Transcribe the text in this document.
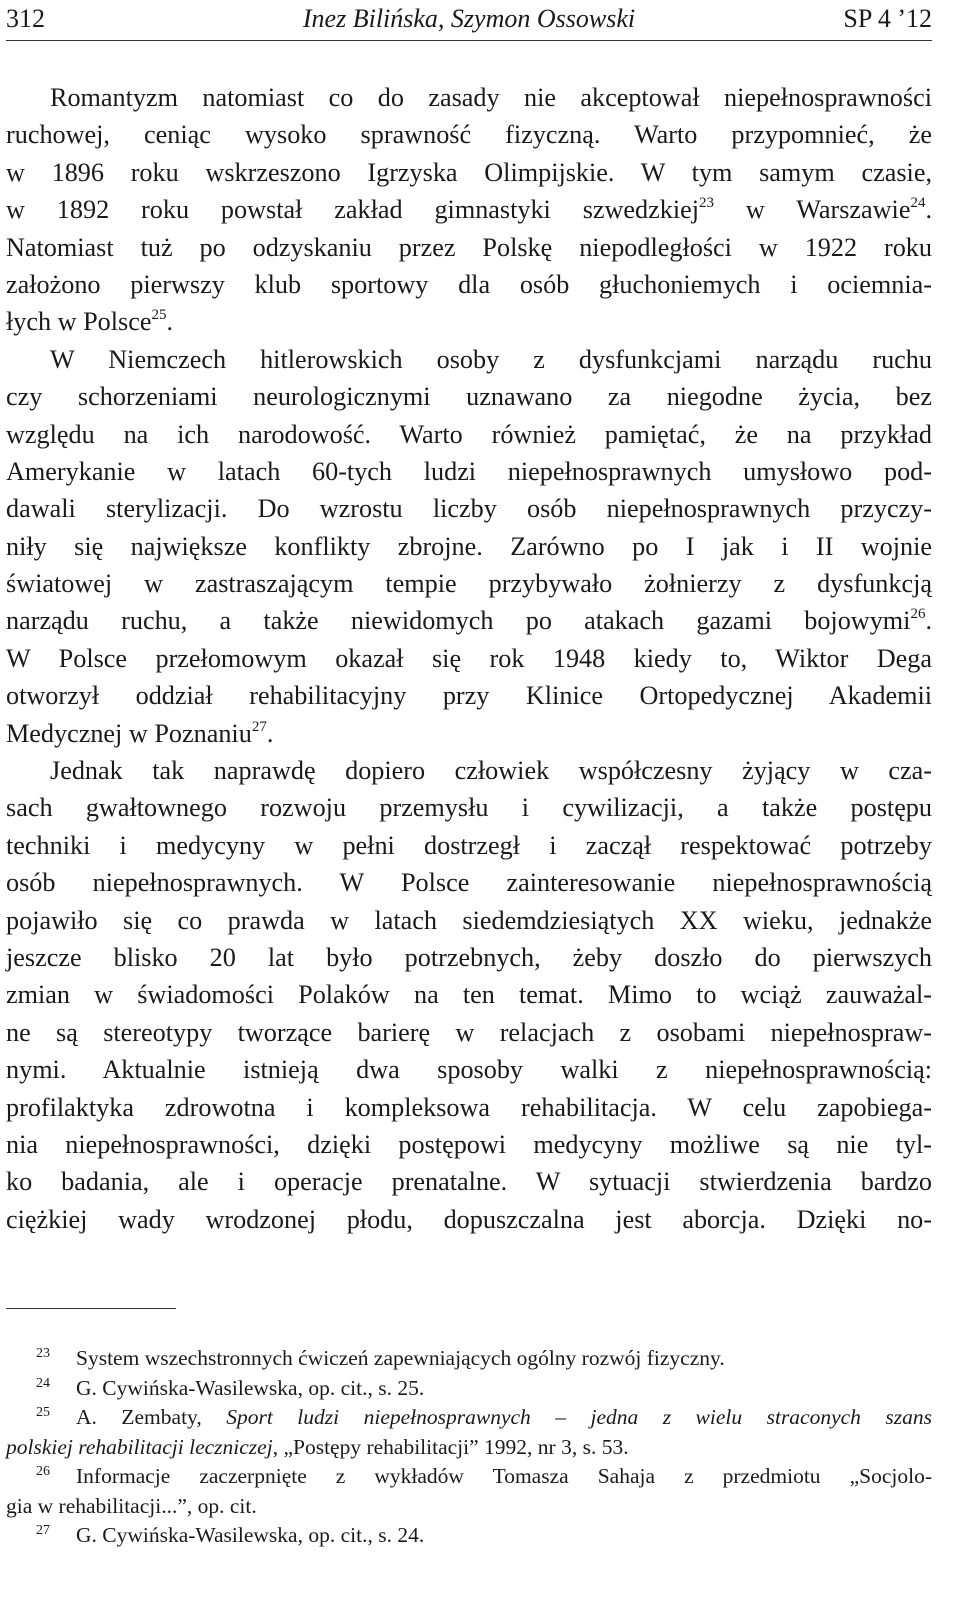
312	Inez Bilińska, Szymon Ossowski	SP 4 ’12
Romantyzm natomiast co do zasady nie akceptował niepełnosprawności
ruchowej, ceniąc wysoko sprawność fizyczną. Warto przypomnieć, że
w 1896 roku wskrzeszono Igrzyska Olimpijskie. W tym samym czasie,
w 1892 roku powstał zakład gimnastyki szwedzkiej$^{23}$ w Warszawie$^{24}$.
Natomiast tuż po odzyskaniu przez Polskę niepodległości w 1922 roku
założono pierwszy klub sportowy dla osób głuchoniemych i ociemnia-
łych w Polsce$^{25}$.
W Niemczech hitlerowskich osoby z dysfunkcjami narządu ruchu
czy schorzeniami neurologicznymi uznawano za niegodne życia, bez
względu na ich narodowość. Warto również pamiętać, że na przykład
Amerykanie w latach 60-tych ludzi niepełnosprawnych umysłowo pod-
dawali sterylizacji. Do wzrostu liczby osób niepełnosprawnych przyczy-
niły się największe konflikty zbrojne. Zarówno po I jak i II wojnie
światowej w zastraszającym tempie przybywało żołnierzy z dysfunkcją
narządu ruchu, a także niewidomych po atakach gazami bojowymi$^{26}$.
W Polsce przełomowym okazał się rok 1948 kiedy to, Wiktor Dega
otworzył oddział rehabilitacyjny przy Klinice Ortopedycznej Akademii
Medycznej w Poznaniu$^{27}$.
Jednak tak naprawdę dopiero człowiek współczesny żyjący w cza-
sach gwałtownego rozwoju przemysłu i cywilizacji, a także postępu
techniki i medycyny w pełni dostrzegł i zaczął respektować potrzeby
osób niepełnosprawnych. W Polsce zainteresowanie niepełnosprawnością
pojawiło się co prawda w latach siedemdziesiątych XX wieku, jednakże
jeszcze blisko 20 lat było potrzebnych, żeby doszło do pierwszych
zmian w świadomości Polaków na ten temat. Mimo to wciąż zauważal-
ne są stereotypy tworzące barierę w relacjach z osobami niepełnospraw-
nymi. Aktualnie istnieją dwa sposoby walki z niepełnosprawnością:
profilaktyka zdrowotna i kompleksowa rehabilitacja. W celu zapobiega-
nia niepełnosprawności, dzięki postępowi medycyny możliwe są nie tyl-
ko badania, ale i operacje prenatalne. W sytuacji stwierdzenia bardzo
ciężkiej wady wrodzonej płodu, dopuszczalna jest aborcja. Dzięki no-
23 System wszechstronnych ćwiczeń zapewniających ogólny rozwój fizyczny.
24 G. Cywińska-Wasilewska, op. cit., s. 25.
25 A. Zembaty, Sport ludzi niepełnosprawnych – jedna z wielu straconych szans
polskiej rehabilitacji leczniczej, „Postępy rehabilitacji” 1992, nr 3, s. 53.
26 Informacje zaczerpnięte z wykładów Tomasza Sahaja z przedmiotu „Socjolo-
gia w rehabilitacji...”, op. cit.
27 G. Cywińska-Wasilewska, op. cit., s. 24.
